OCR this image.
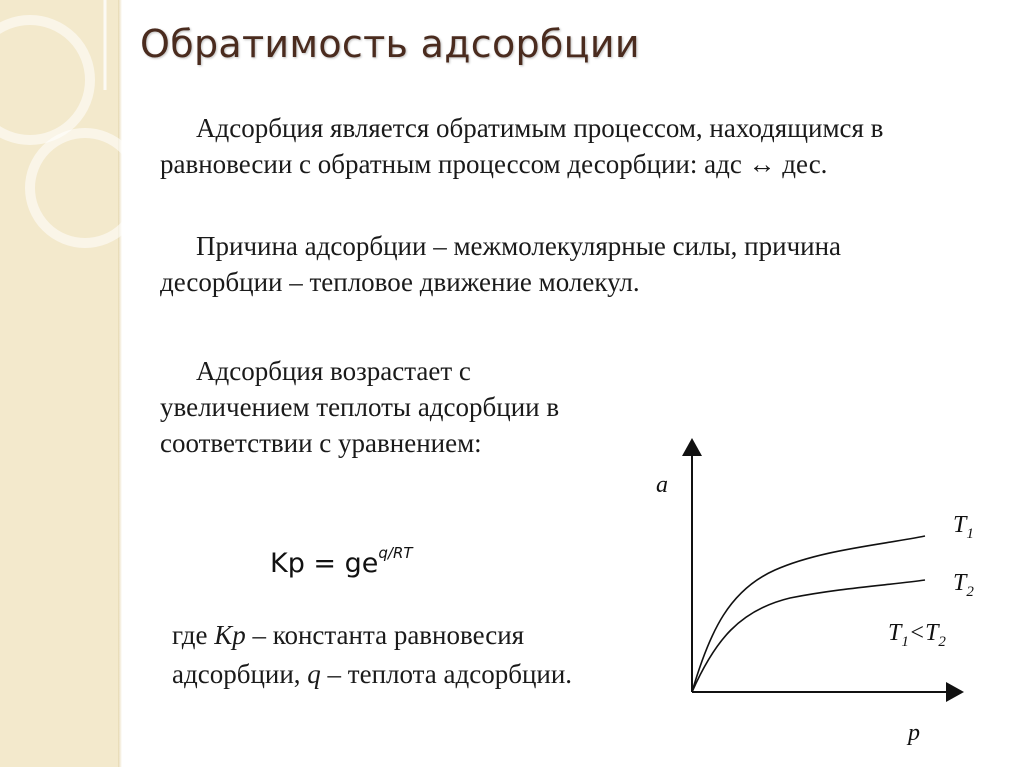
Обратимость адсорбции

Адсорбция является обратимым процессом, находящимся в равновесии с обратным процессом десорбции: адс ↔ дес.

Причина адсорбции – межмолекулярные силы, причина десорбции – тепловое движение молекул.

Адсорбция возрастает с увеличением теплоты адсорбции в соответствии с уравнением:

$Kp = ge^{q/RT}$

где Kp – константа равновесия адсорбции, q – теплота адсорбции.

a
p
$T_1$
$T_2$
$T_1<T_2$
